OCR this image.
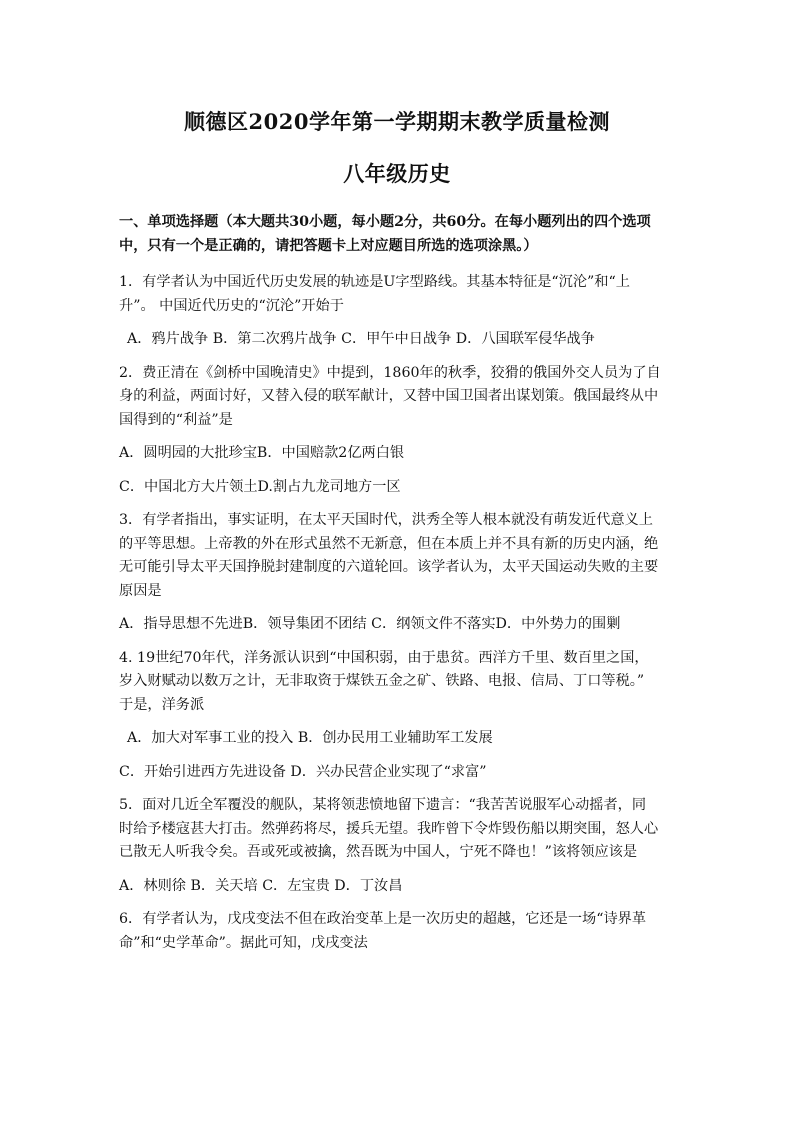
顺德区2020学年第一学期期末教学质量检测
八年级历史
一、单项选择题（本大题共30小题，每小题2分，共60分。在每小题列出的四个选项
中，只有一个是正确的，请把答题卡上对应题目所选的选项涂黑。）
1．有学者认为中国近代历史发展的轨迹是U字型路线。其基本特征是“沉沦”和“上
升”。 中国近代历史的“沉沦”开始于
A．鸦片战争 B．第二次鸦片战争 C．甲午中日战争 D．八国联军侵华战争
2．费正清在《剑桥中国晚清史》中提到，1860年的秋季，狡猾的俄国外交人员为了自
身的利益，两面讨好，又替入侵的联军献计，又替中国卫国者出谋划策。俄国最终从中
国得到的“利益”是
A．圆明园的大批珍宝B．中国赔款2亿两白银
C．中国北方大片领土D.割占九龙司地方一区
3．有学者指出，事实证明，在太平天国时代，洪秀全等人根本就没有萌发近代意义上
的平等思想。上帝教的外在形式虽然不无新意，但在本质上并不具有新的历史内涵，绝
无可能引导太平天国挣脱封建制度的六道轮回。该学者认为，太平天国运动失败的主要
原因是
A．指导思想不先进B．领导集团不团结 C．纲领文件不落实D．中外势力的围剿
4. 19世纪70年代，洋务派认识到“中国积弱，由于患贫。西洋方千里、数百里之国，
岁入财赋动以数万之计，无非取资于煤铁五金之矿、铁路、电报、信局、丁口等税。”
于是，洋务派
A．加大对军事工业的投入 B．创办民用工业辅助军工发展
C．开始引进西方先进设备 D．兴办民营企业实现了“求富”
5．面对几近全军覆没的舰队，某将领悲愤地留下遗言：“我苦苦说服军心动摇者，同
时给予楼寇甚大打击。然弹药将尽，援兵无望。我昨曾下令炸毁伤船以期突围，怒人心
已散无人听我令矣。吾或死或被擒，然吾既为中国人，宁死不降也！”该将领应该是
A．林则徐 B．关天培 C．左宝贵 D．丁汝昌
6．有学者认为，戊戌变法不但在政治变革上是一次历史的超越，它还是一场“诗界革
命”和“史学革命”。据此可知，戊戌变法
